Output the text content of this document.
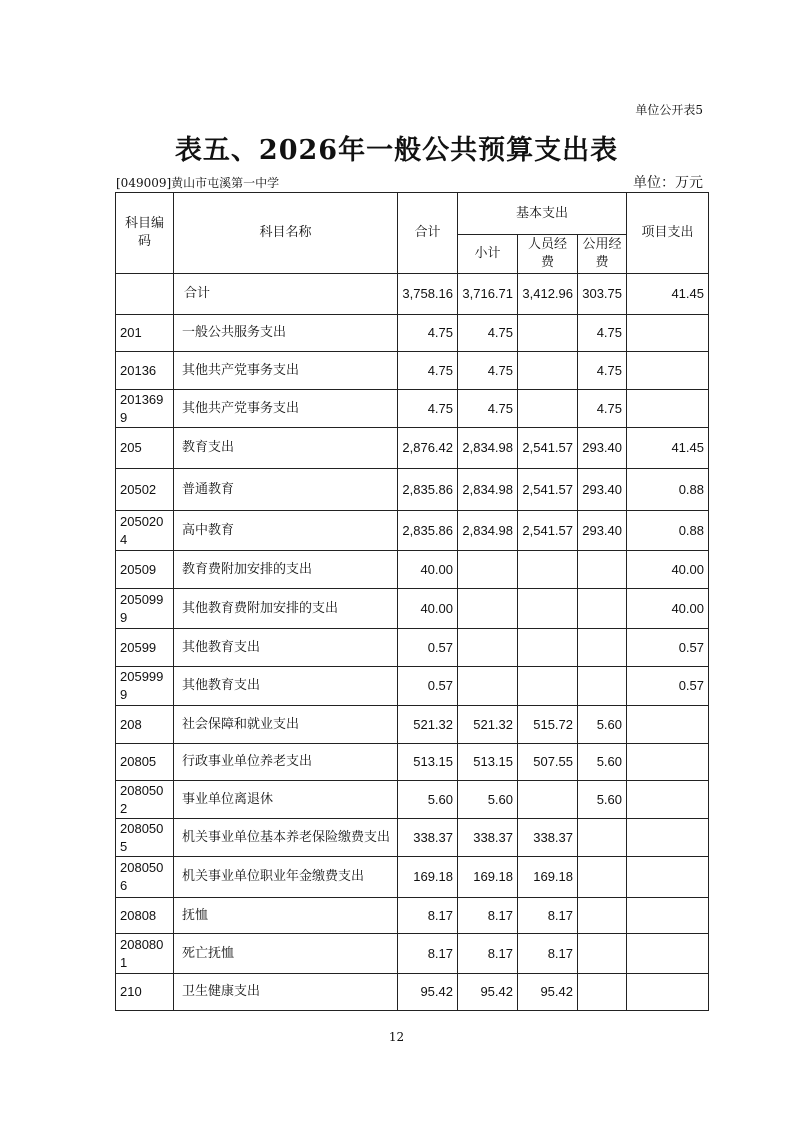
单位公开表5
表五、2026年一般公共预算支出表
[049009]黄山市屯溪第一中学	单位：万元
科目编码	科目名称	合计	基本支出			项目支出
			小计	人员经费	公用经费	
	合计	3,758.16	3,716.71	3,412.96	303.75	41.45
201	一般公共服务支出	4.75	4.75		4.75	
20136	其他共产党事务支出	4.75	4.75		4.75	
2013699	其他共产党事务支出	4.75	4.75		4.75	
205	教育支出	2,876.42	2,834.98	2,541.57	293.40	41.45
20502	普通教育	2,835.86	2,834.98	2,541.57	293.40	0.88
2050204	高中教育	2,835.86	2,834.98	2,541.57	293.40	0.88
20509	教育费附加安排的支出	40.00				40.00
2050999	其他教育费附加安排的支出	40.00				40.00
20599	其他教育支出	0.57				0.57
2059999	其他教育支出	0.57				0.57
208	社会保障和就业支出	521.32	521.32	515.72	5.60	
20805	行政事业单位养老支出	513.15	513.15	507.55	5.60	
2080502	事业单位离退休	5.60	5.60		5.60	
2080505	机关事业单位基本养老保险缴费支出	338.37	338.37	338.37		
2080506	机关事业单位职业年金缴费支出	169.18	169.18	169.18		
20808	抚恤	8.17	8.17	8.17		
2080801	死亡抚恤	8.17	8.17	8.17		
210	卫生健康支出	95.42	95.42	95.42		
12
